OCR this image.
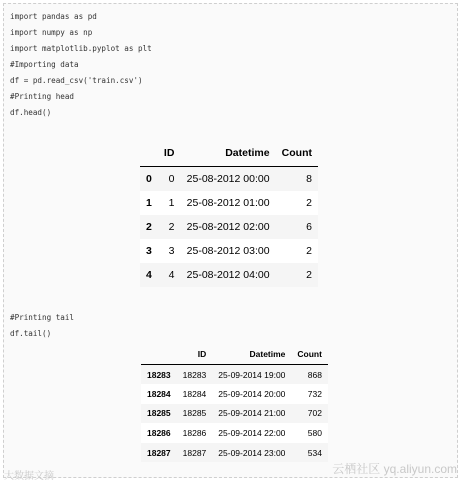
import pandas as pd
import numpy as np
import matplotlib.pyplot as plt
#Importing data
df = pd.read_csv('train.csv')
#Printing head
df.head()
	ID	Datetime	Count
0	0	25-08-2012 00:00	8
1	1	25-08-2012 01:00	2
2	2	25-08-2012 02:00	6
3	3	25-08-2012 03:00	2
4	4	25-08-2012 04:00	2
#Printing tail
df.tail()
	ID	Datetime	Count
18283	18283	25-09-2014 19:00	868
18284	18284	25-09-2014 20:00	732
18285	18285	25-09-2014 21:00	702
18286	18286	25-09-2014 22:00	580
18287	18287	25-09-2014 23:00	534
大数据文摘
云栖社区 yq.aliyun.com
